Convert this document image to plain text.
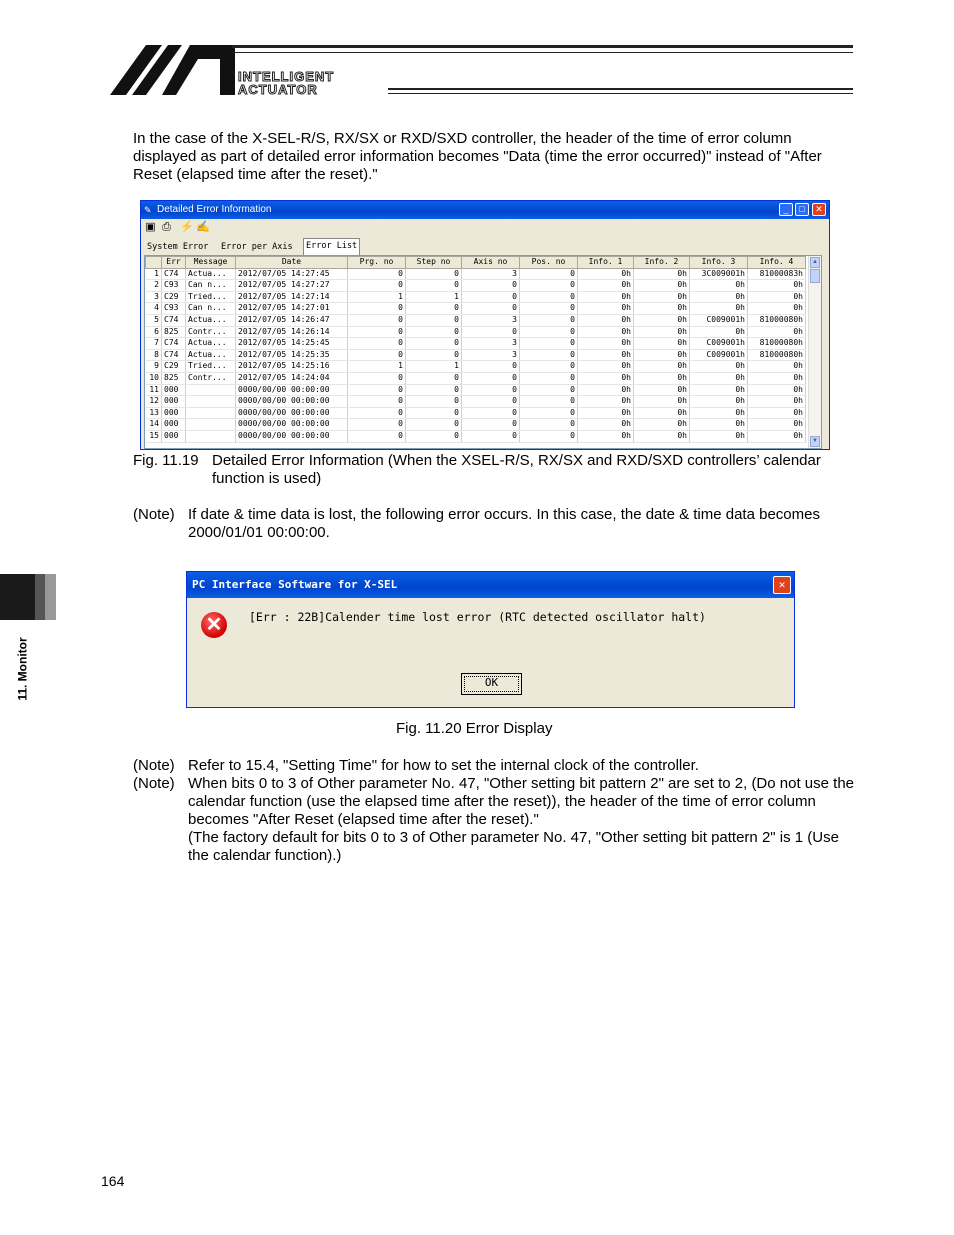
INTELLIGENT
ACTUATOR
11. Monitor
In the case of the X-SEL-R/S, RX/SX or RXD/SXD controller, the header of the time of error column displayed as part of detailed error information becomes "Data (time the error occurred)" instead of "After Reset (elapsed time after the reset)."
✎ Detailed Error Information	_	□	✕
▣ ⎙ ⚡ ✍
System Error Error per Axis	Error List
	Err	Message	Date	Prg. no	Step no	Axis no	Pos. no	Info. 1	Info. 2	Info. 3	Info. 4
1	C74	Actua...	2012/07/05 14:27:45	0	0	3	0	0h	0h	3C009001h	81000083h
2	C93	Can n...	2012/07/05 14:27:27	0	0	0	0	0h	0h	0h	0h
3	C29	Tried...	2012/07/05 14:27:14	1	1	0	0	0h	0h	0h	0h
4	C93	Can n...	2012/07/05 14:27:01	0	0	0	0	0h	0h	0h	0h
5	C74	Actua...	2012/07/05 14:26:47	0	0	3	0	0h	0h	C009001h	81000080h
6	825	Contr...	2012/07/05 14:26:14	0	0	0	0	0h	0h	0h	0h
7	C74	Actua...	2012/07/05 14:25:45	0	0	3	0	0h	0h	C009001h	81000080h
8	C74	Actua...	2012/07/05 14:25:35	0	0	3	0	0h	0h	C009001h	81000080h
9	C29	Tried...	2012/07/05 14:25:16	1	1	0	0	0h	0h	0h	0h
10	825	Contr...	2012/07/05 14:24:04	0	0	0	0	0h	0h	0h	0h
11	000		0000/00/00 00:00:00	0	0	0	0	0h	0h	0h	0h
12	000		0000/00/00 00:00:00	0	0	0	0	0h	0h	0h	0h
13	000		0000/00/00 00:00:00	0	0	0	0	0h	0h	0h	0h
14	000		0000/00/00 00:00:00	0	0	0	0	0h	0h	0h	0h
15	000		0000/00/00 00:00:00	0	0	0	0	0h	0h	0h	0h
▲
▼
Fig. 11.19 Detailed Error Information (When the XSEL-R/S, RX/SX and RXD/SXD controllers’ calendar function is used)
(Note) If date & time data is lost, the following error occurs. In this case, the date & time data becomes 2000/01/01 00:00:00.
PC Interface Software for X-SEL	✕
✕	[Err : 22B]Calender time lost error (RTC detected oscillator halt)
OK
Fig. 11.20 Error Display
(Note) Refer to 15.4, "Setting Time" for how to set the internal clock of the controller.
(Note) When bits 0 to 3 of Other parameter No. 47, "Other setting bit pattern 2" are set to 2, (Do not use the calendar function (use the elapsed time after the reset)), the header of the time of error column becomes "After Reset (elapsed time after the reset)."
(The factory default for bits 0 to 3 of Other parameter No. 47, "Other setting bit pattern 2" is 1 (Use the calendar function).)
164
